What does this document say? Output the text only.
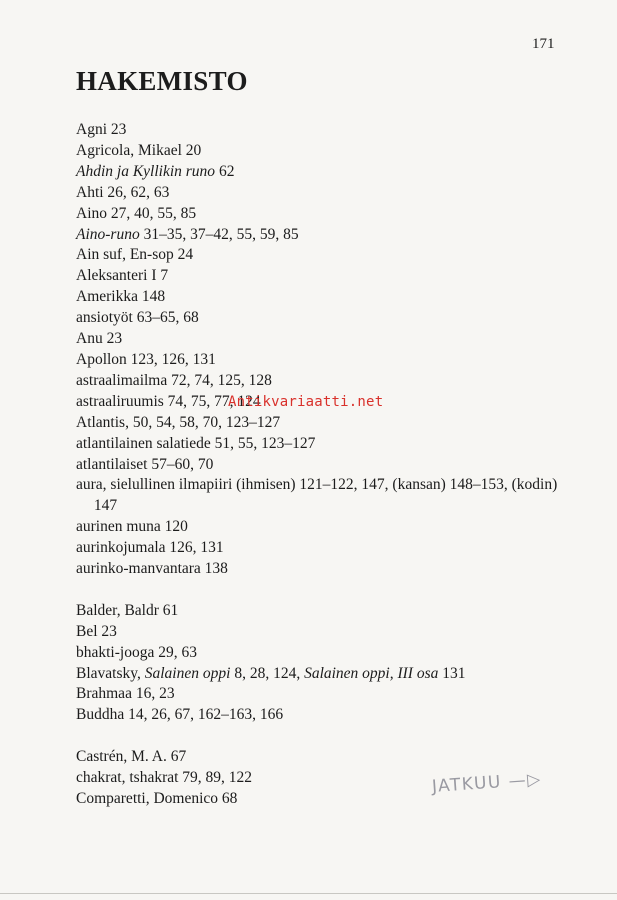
171
HAKEMISTO
Agni 23
Agricola, Mikael 20
Ahdin ja Kyllikin runo 62
Ahti 26, 62, 63
Aino 27, 40, 55, 85
Aino-runo 31–35, 37–42, 55, 59, 85
Ain suf, En-sop 24
Aleksanteri I 7
Amerikka 148
ansiotyöt 63–65, 68
Anu 23
Apollon 123, 126, 131
astraalimailma 72, 74, 125, 128
astraaliruumis 74, 75, 77, 124
Atlantis, 50, 54, 58, 70, 123–127
atlantilainen salatiede 51, 55, 123–127
atlantilaiset 57–60, 70
aura, sielullinen ilmapiiri (ihmisen) 121–122, 147, (kansan) 148–153, (kodin) 147
aurinen muna 120
aurinkojumala 126, 131
aurinko-manvantara 138
Balder, Baldr 61
Bel 23
bhakti-jooga 29, 63
Blavatsky, Salainen oppi 8, 28, 124, Salainen oppi, III osa 131
Brahmaa 16, 23
Buddha 14, 26, 67, 162–163, 166
Castrén, M. A. 67
chakrat, tshakrat 79, 89, 122
Comparetti, Domenico 68
Antikvariaatti.net
JATKUU —▷
